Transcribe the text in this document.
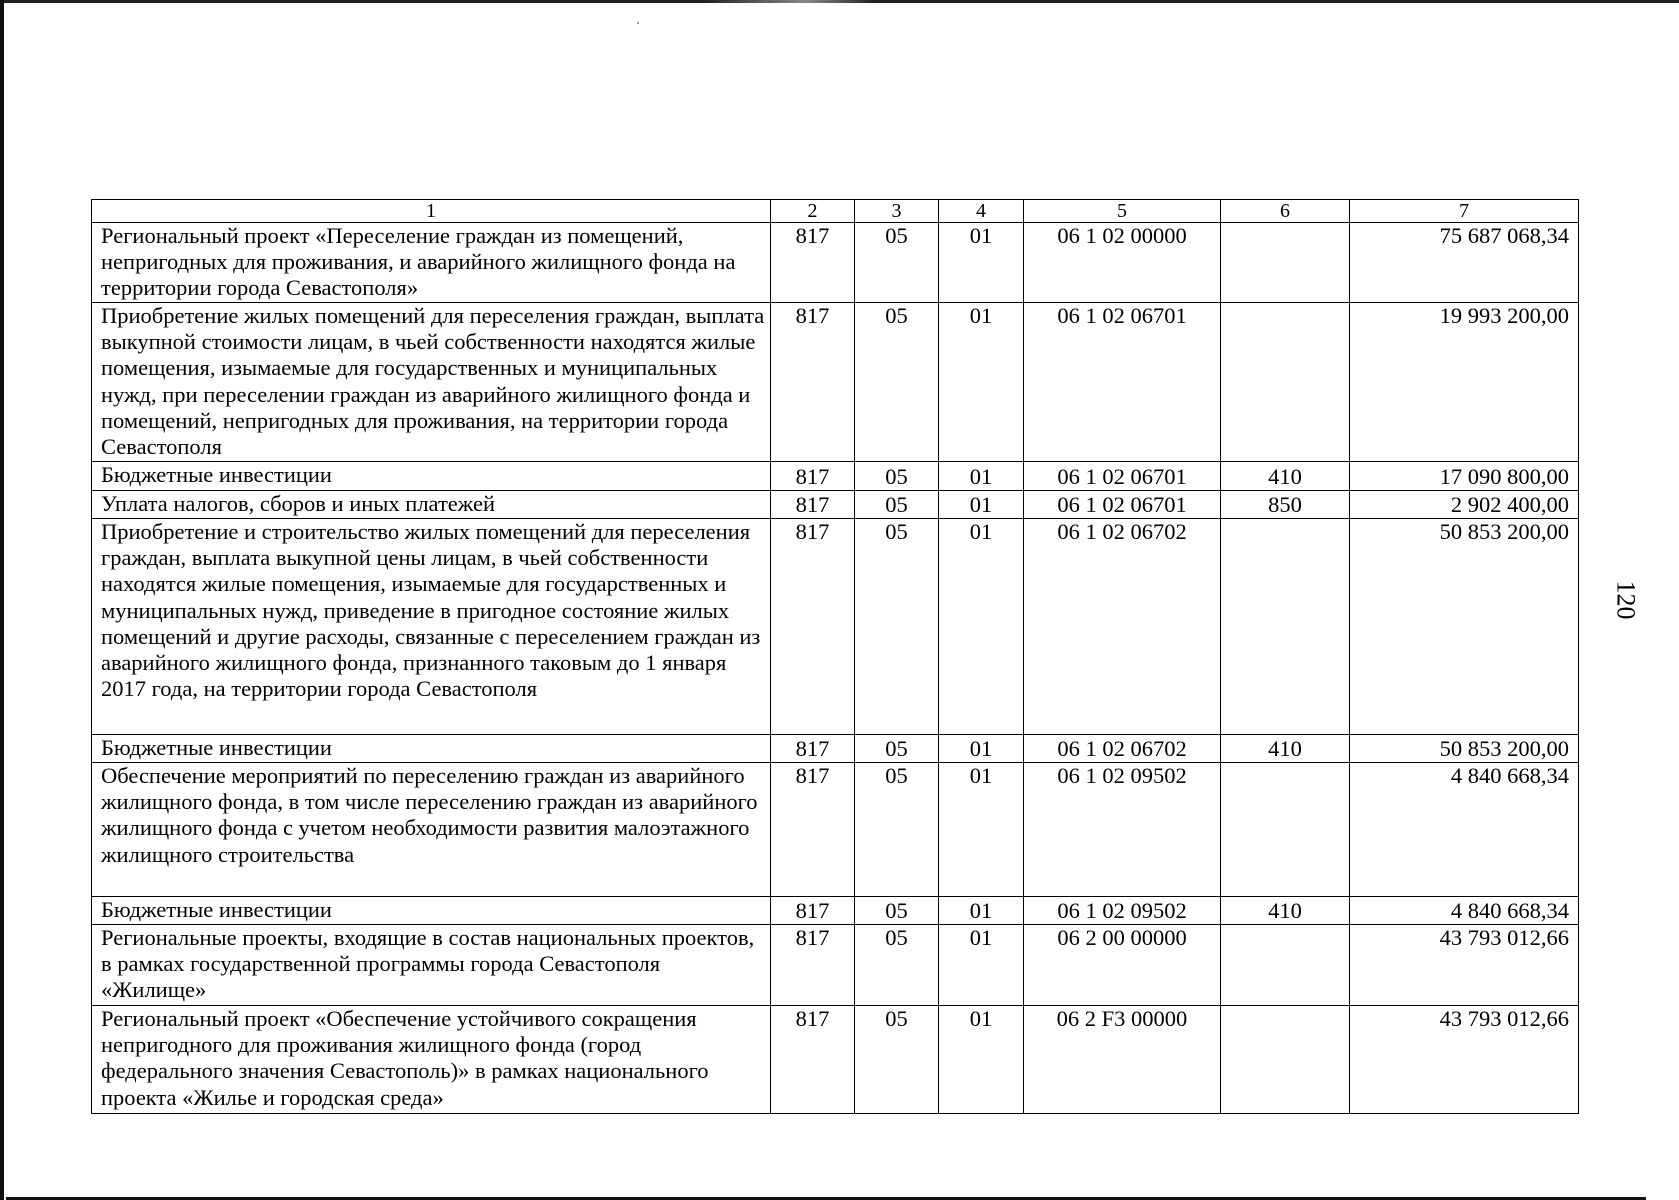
1	2	3	4	5	6	7
Региональный проект «Переселение граждан из помещений, непригодных для проживания, и аварийного жилищного фонда на территории города Севастополя»	817	05	01	06 1 02 00000		75 687 068,34
Приобретение жилых помещений для переселения граждан, выплата выкупной стоимости лицам, в чьей собственности находятся жилые помещения, изымаемые для государственных и муниципальных нужд, при переселении граждан из аварийного жилищного фонда и помещений, непригодных для проживания, на территории города Севастополя	817	05	01	06 1 02 06701		19 993 200,00
Бюджетные инвестиции	817	05	01	06 1 02 06701	410	17 090 800,00
Уплата налогов, сборов и иных платежей	817	05	01	06 1 02 06701	850	2 902 400,00
Приобретение и строительство жилых помещений для переселения граждан, выплата выкупной цены лицам, в чьей собственности находятся жилые помещения, изымаемые для государственных и муниципальных нужд, приведение в пригодное состояние жилых помещений и другие расходы, связанные с переселением граждан из аварийного жилищного фонда, признанного таковым до 1 января 2017 года, на территории города Севастополя	817	05	01	06 1 02 06702		50 853 200,00
Бюджетные инвестиции	817	05	01	06 1 02 06702	410	50 853 200,00
Обеспечение мероприятий по переселению граждан из аварийного жилищного фонда, в том числе переселению граждан из аварийного жилищного фонда с учетом необходимости развития малоэтажного жилищного строительства	817	05	01	06 1 02 09502		4 840 668,34
Бюджетные инвестиции	817	05	01	06 1 02 09502	410	4 840 668,34
Региональные проекты, входящие в состав национальных проектов, в рамках государственной программы города Севастополя «Жилище»	817	05	01	06 2 00 00000		43 793 012,66
Региональный проект «Обеспечение устойчивого сокращения непригодного для проживания жилищного фонда (город федерального значения Севастополь)» в рамках национального проекта «Жилье и городская среда»	817	05	01	06 2 F3 00000		43 793 012,66
120
